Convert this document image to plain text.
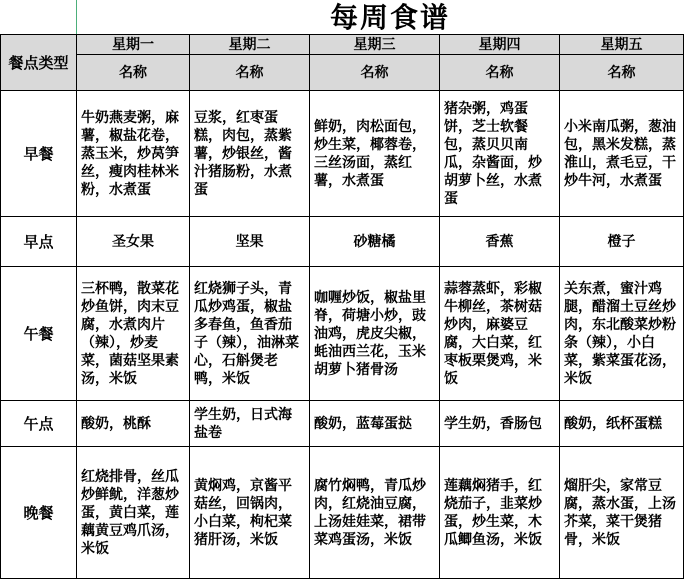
每周食谱
餐点类型	星期一	星期二	星期三	星期四	星期五
	名称	名称	名称	名称	名称
早餐	牛奶燕麦粥，麻薯，椒盐花卷，蒸玉米，炒莴笋丝，瘦肉桂林米粉，水煮蛋	豆浆，红枣蛋糕，肉包，蒸紫薯，炒银丝，酱汁猪肠粉，水煮蛋	鲜奶，肉松面包，炒生菜，椰蓉卷，三丝汤面，蒸红薯，水煮蛋	猪杂粥，鸡蛋饼，芝士软餐包，蒸贝贝南瓜，杂酱面，炒胡萝卜丝，水煮蛋	小米南瓜粥，葱油包，黑米发糕，蒸淮山，煮毛豆，干炒牛河，水煮蛋
早点	圣女果	坚果	砂糖橘	香蕉	橙子
午餐	三杯鸭，散菜花炒鱼饼，肉末豆腐，水煮肉片（辣），炒麦菜，菌菇坚果素汤，米饭	红烧狮子头，青瓜炒鸡蛋，椒盐多春鱼，鱼香茄子（辣），油淋菜心，石斛煲老鸭，米饭	咖喱炒饭，椒盐里脊，荷塘小炒，豉油鸡，虎皮尖椒，蚝油西兰花，玉米胡萝卜猪骨汤	蒜蓉蒸虾，彩椒牛柳丝，茶树菇炒肉，麻婆豆腐，大白菜，红枣板栗煲鸡，米饭	关东煮，蜜汁鸡腿，醋溜土豆丝炒肉，东北酸菜炒粉条（辣），小白菜，紫菜蛋花汤，米饭
午点	酸奶，桃酥	学生奶，日式海盐卷	酸奶，蓝莓蛋挞	学生奶，香肠包	酸奶，纸杯蛋糕
晚餐	红烧排骨，丝瓜炒鲜鱿，洋葱炒蛋，黄白菜，莲藕黄豆鸡爪汤，米饭	黄焖鸡，京酱平菇丝，回锅肉，小白菜，枸杞菜猪肝汤，米饭	腐竹焖鸭，青瓜炒肉，红烧油豆腐，上汤娃娃菜，裙带菜鸡蛋汤，米饭	莲藕焖猪手，红烧茄子，韭菜炒蛋，炒生菜，木瓜鲫鱼汤，米饭	熘肝尖，家常豆腐，蒸水蛋，上汤芥菜，菜干煲猪骨，米饭
